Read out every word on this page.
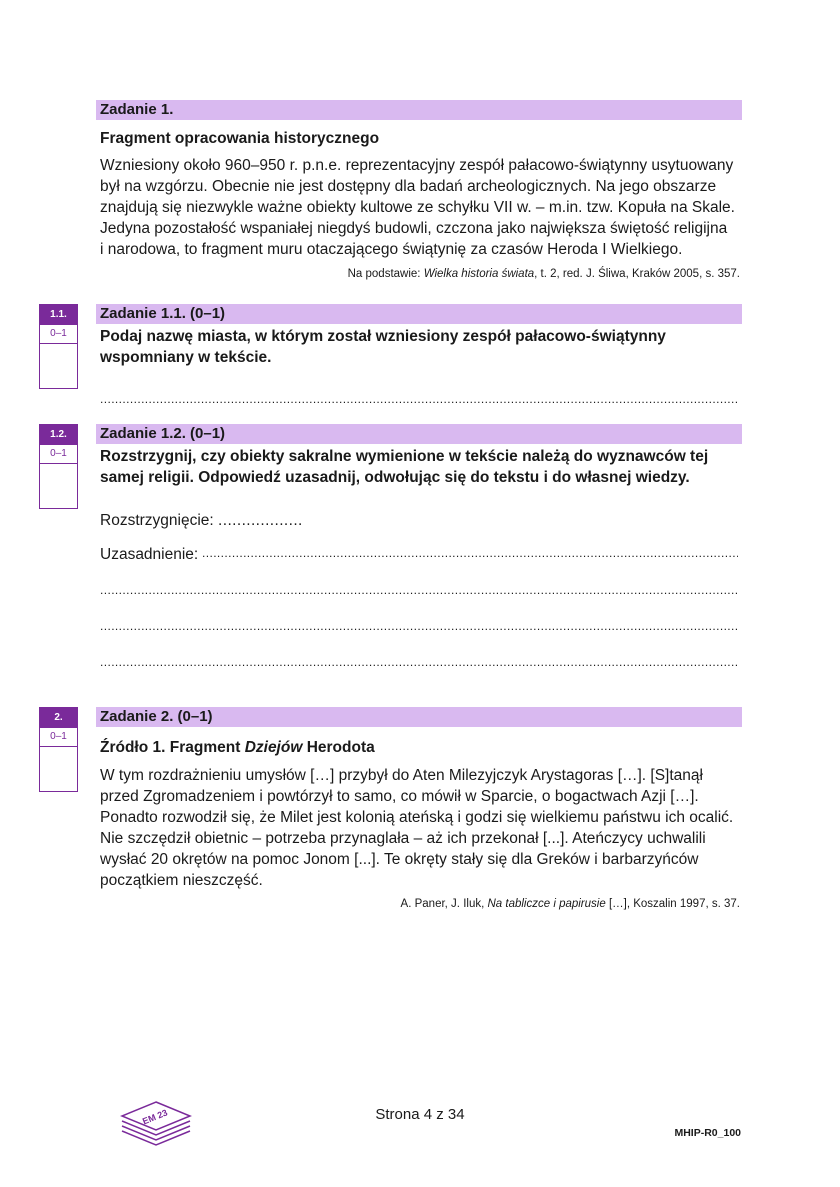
Zadanie 1.
Fragment opracowania historycznego
Wzniesiony około 960–950 r. p.n.e. reprezentacyjny zespół pałacowo-świątynny usytuowany
był na wzgórzu. Obecnie nie jest dostępny dla badań archeologicznych. Na jego obszarze
znajdują się niezwykle ważne obiekty kultowe ze schyłku VII w. – m.in. tzw. Kopuła na Skale.
Jedyna pozostałość wspaniałej niegdyś budowli, czczona jako największa świętość religijna
i narodowa, to fragment muru otaczającego świątynię za czasów Heroda I Wielkiego.
Na podstawie: Wielka historia świata, t. 2, red. J. Śliwa, Kraków 2005, s. 357.
1.1.
0–1
Zadanie 1.1. (0–1)
Podaj nazwę miasta, w którym został wzniesiony zespół pałacowo-świątynny
wspomniany w tekście.
.....
1.2.
0–1
Zadanie 1.2. (0–1)
Rozstrzygnij, czy obiekty sakralne wymienione w tekście należą do wyznawców tej
samej religii. Odpowiedź uzasadnij, odwołując się do tekstu i do własnej wiedzy.
Rozstrzygnięcie: ..................
Uzasadnienie:
.....
.....
.....
.....
2.
0–1
Zadanie 2. (0–1)
Źródło 1. Fragment Dziejów Herodota
W tym rozdrażnieniu umysłów […] przybył do Aten Milezyjczyk Arystagoras […]. [S]tanął
przed Zgromadzeniem i powtórzył to samo, co mówił w Sparcie, o bogactwach Azji […].
Ponadto rozwodził się, że Milet jest kolonią ateńską i godzi się wielkiemu państwu ich ocalić.
Nie szczędził obietnic – potrzeba przynaglała – aż ich przekonał [...]. Ateńczycy uchwalili
wysłać 20 okrętów na pomoc Jonom [...]. Te okręty stały się dla Greków i barbarzyńców
początkiem nieszczęść.
A. Paner, J. Iluk, Na tabliczce i papirusie […], Koszalin 1997, s. 37.
EM 23	Strona 4 z 34
MHIP-R0_100
